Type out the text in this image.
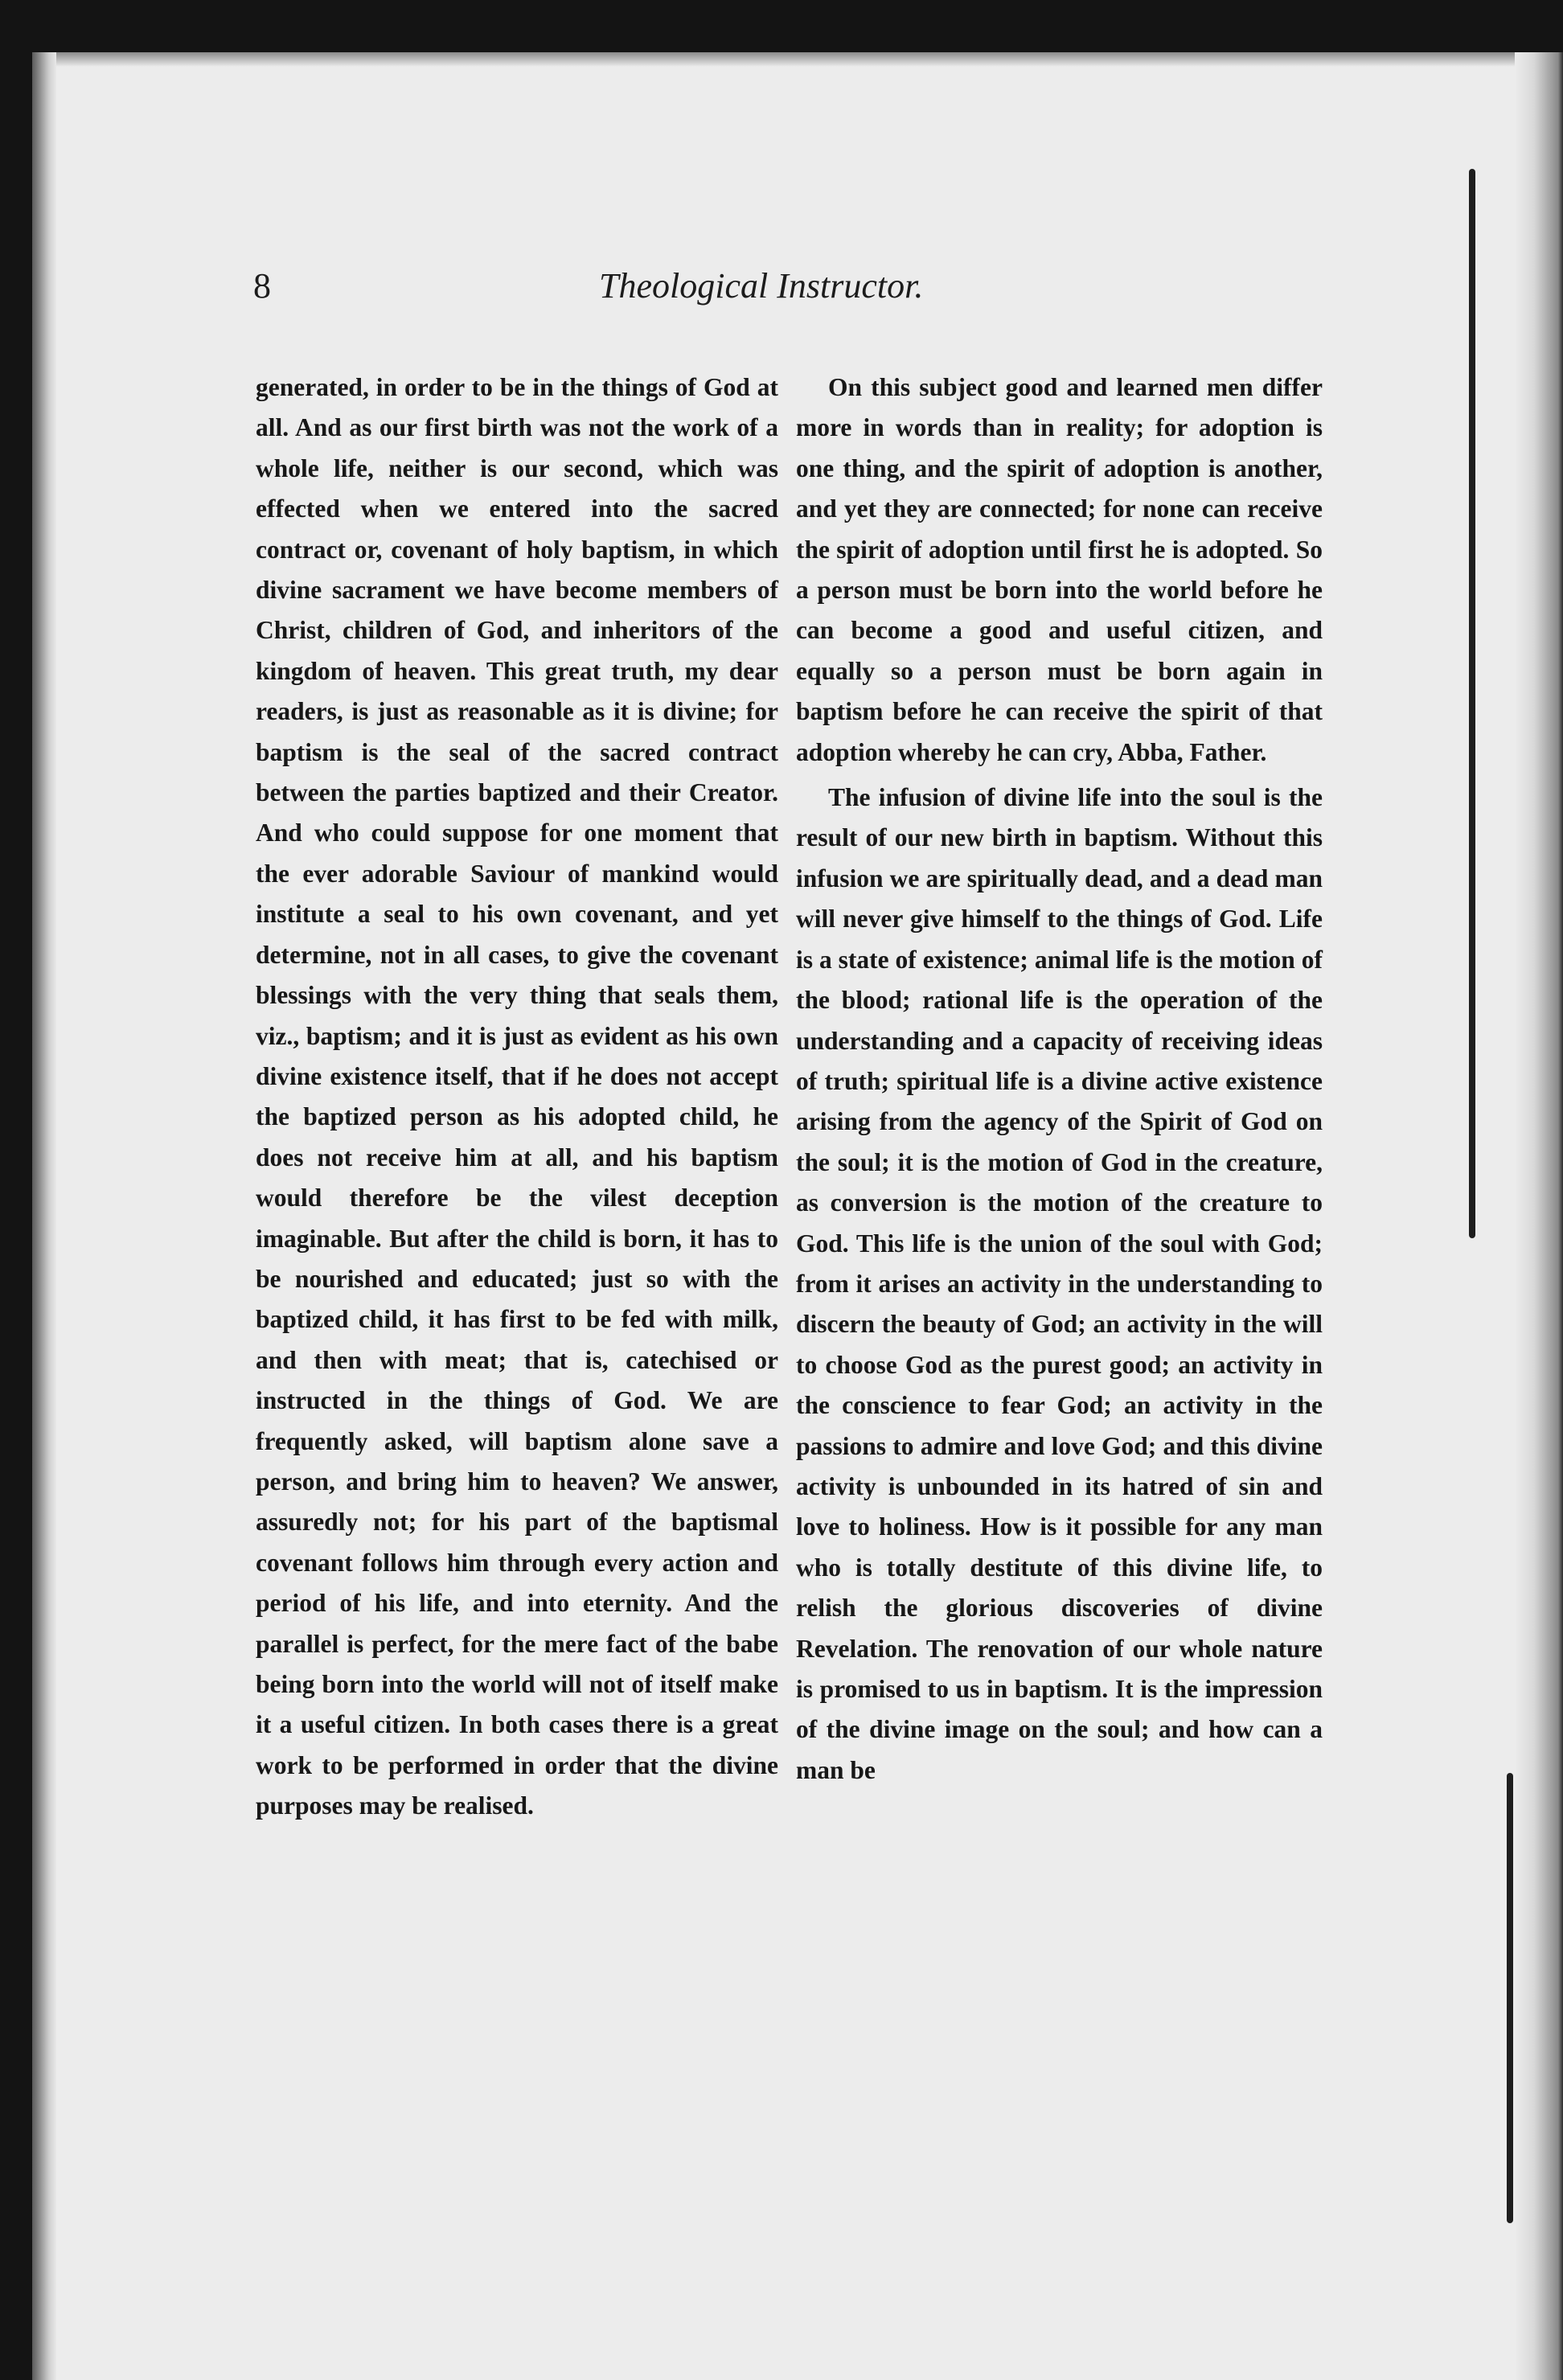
8	Theological Instructor.

generated, in order to be in the things of God at all. And as our first birth was not the work of a whole life, neither is our second, which was effected when we entered into the sacred contract or, covenant of holy baptism, in which divine sacrament we have become members of Christ, children of God, and inheritors of the kingdom of heaven. This great truth, my dear readers, is just as reasonable as it is divine; for baptism is the seal of the sacred contract between the parties baptized and their Creator. And who could suppose for one moment that the ever adorable Saviour of mankind would institute a seal to his own covenant, and yet determine, not in all cases, to give the covenant blessings with the very thing that seals them, viz., baptism; and it is just as evident as his own divine existence itself, that if he does not accept the baptized person as his adopted child, he does not receive him at all, and his baptism would therefore be the vilest deception imaginable. But after the child is born, it has to be nourished and educated; just so with the baptized child, it has first to be fed with milk, and then with meat; that is, catechised or instructed in the things of God. We are frequently asked, will baptism alone save a person, and bring him to heaven? We answer, assuredly not; for his part of the baptismal covenant follows him through every action and period of his life, and into eternity. And the parallel is perfect, for the mere fact of the babe being born into the world will not of itself make it a useful citizen. In both cases there is a great work to be performed in order that the divine purposes may be realised.

On this subject good and learned men differ more in words than in reality; for adoption is one thing, and the spirit of adoption is another, and yet they are connected; for none can receive the spirit of adoption until first he is adopted. So a person must be born into the world before he can become a good and useful citizen, and equally so a person must be born again in baptism before he can receive the spirit of that adoption whereby he can cry, Abba, Father.

The infusion of divine life into the soul is the result of our new birth in baptism. Without this infusion we are spiritually dead, and a dead man will never give himself to the things of God. Life is a state of existence; animal life is the motion of the blood; rational life is the operation of the understanding and a capacity of receiving ideas of truth; spiritual life is a divine active existence arising from the agency of the Spirit of God on the soul; it is the motion of God in the creature, as conversion is the motion of the creature to God. This life is the union of the soul with God; from it arises an activity in the understanding to discern the beauty of God; an activity in the will to choose God as the purest good; an activity in the conscience to fear God; an activity in the passions to admire and love God; and this divine activity is unbounded in its hatred of sin and love to holiness. How is it possible for any man who is totally destitute of this divine life, to relish the glorious discoveries of divine Revelation. The renovation of our whole nature is promised to us in baptism. It is the impression of the divine image on the soul; and how can a man be
